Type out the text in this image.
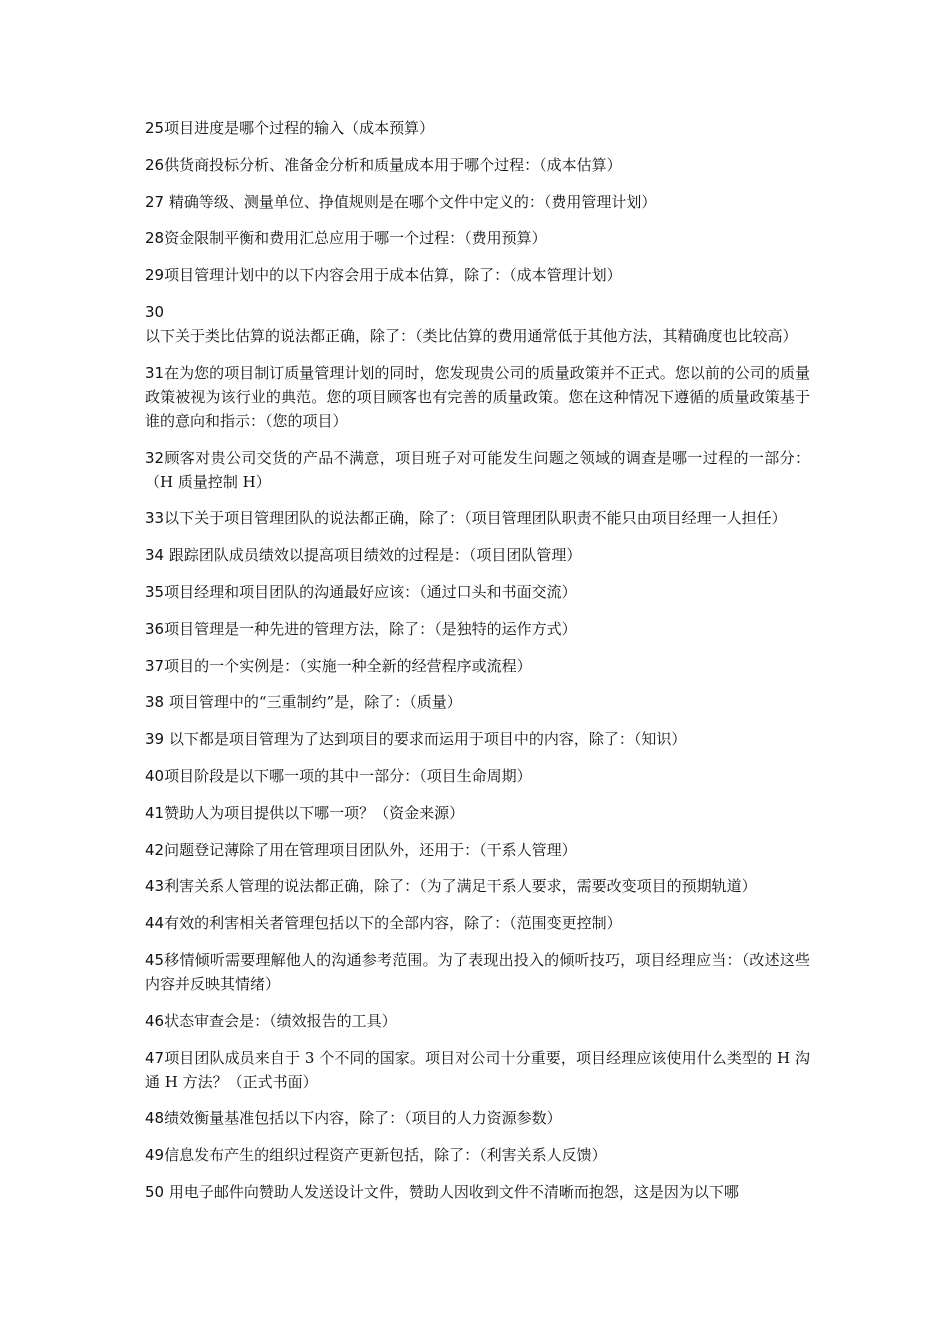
25项目进度是哪个过程的输入（成本预算）
26供货商投标分析、准备金分析和质量成本用于哪个过程：（成本估算）
27 精确等级、测量单位、挣值规则是在哪个文件中定义的：（费用管理计划）
28资金限制平衡和费用汇总应用于哪一个过程：（费用预算）
29项目管理计划中的以下内容会用于成本估算，除了：（成本管理计划）
30以下关于类比估算的说法都正确，除了：（类比估算的费用通常低于其他方法，其精确度也比较高）
31在为您的项目制订质量管理计划的同时，您发现贵公司的质量政策并不正式。您以前的公司的质量政策被视为该行业的典范。您的项目顾客也有完善的质量政策。您在这种情况下遵循的质量政策基于谁的意向和指示：（您的项目）
32顾客对贵公司交货的产品不满意，项目班子对可能发生问题之领域的调查是哪一过程的一部分：（H 质量控制 H）
33以下关于项目管理团队的说法都正确，除了：（项目管理团队职责不能只由项目经理一人担任）
34 跟踪团队成员绩效以提高项目绩效的过程是：（项目团队管理）
35项目经理和项目团队的沟通最好应该：（通过口头和书面交流）
36项目管理是一种先进的管理方法，除了：（是独特的运作方式）
37项目的一个实例是：（实施一种全新的经营程序或流程）
38 项目管理中的“三重制约”是，除了：（质量）
39 以下都是项目管理为了达到项目的要求而运用于项目中的内容，除了：（知识）
40项目阶段是以下哪一项的其中一部分：（项目生命周期）
41赞助人为项目提供以下哪一项？（资金来源）
42问题登记薄除了用在管理项目团队外，还用于：（干系人管理）
43利害关系人管理的说法都正确，除了：（为了满足干系人要求，需要改变项目的预期轨道）
44有效的利害相关者管理包括以下的全部内容，除了：（范围变更控制）
45移情倾听需要理解他人的沟通参考范围。为了表现出投入的倾听技巧，项目经理应当：（改述这些内容并反映其情绪）
46状态审查会是：（绩效报告的工具）
47项目团队成员来自于 3 个不同的国家。项目对公司十分重要，项目经理应该使用什么类型的 H 沟通 H 方法？（正式书面）
48绩效衡量基准包括以下内容，除了：（项目的人力资源参数）
49信息发布产生的组织过程资产更新包括，除了：（利害关系人反馈）
50 用电子邮件向赞助人发送设计文件，赞助人因收到文件不清晰而抱怨，这是因为以下哪
